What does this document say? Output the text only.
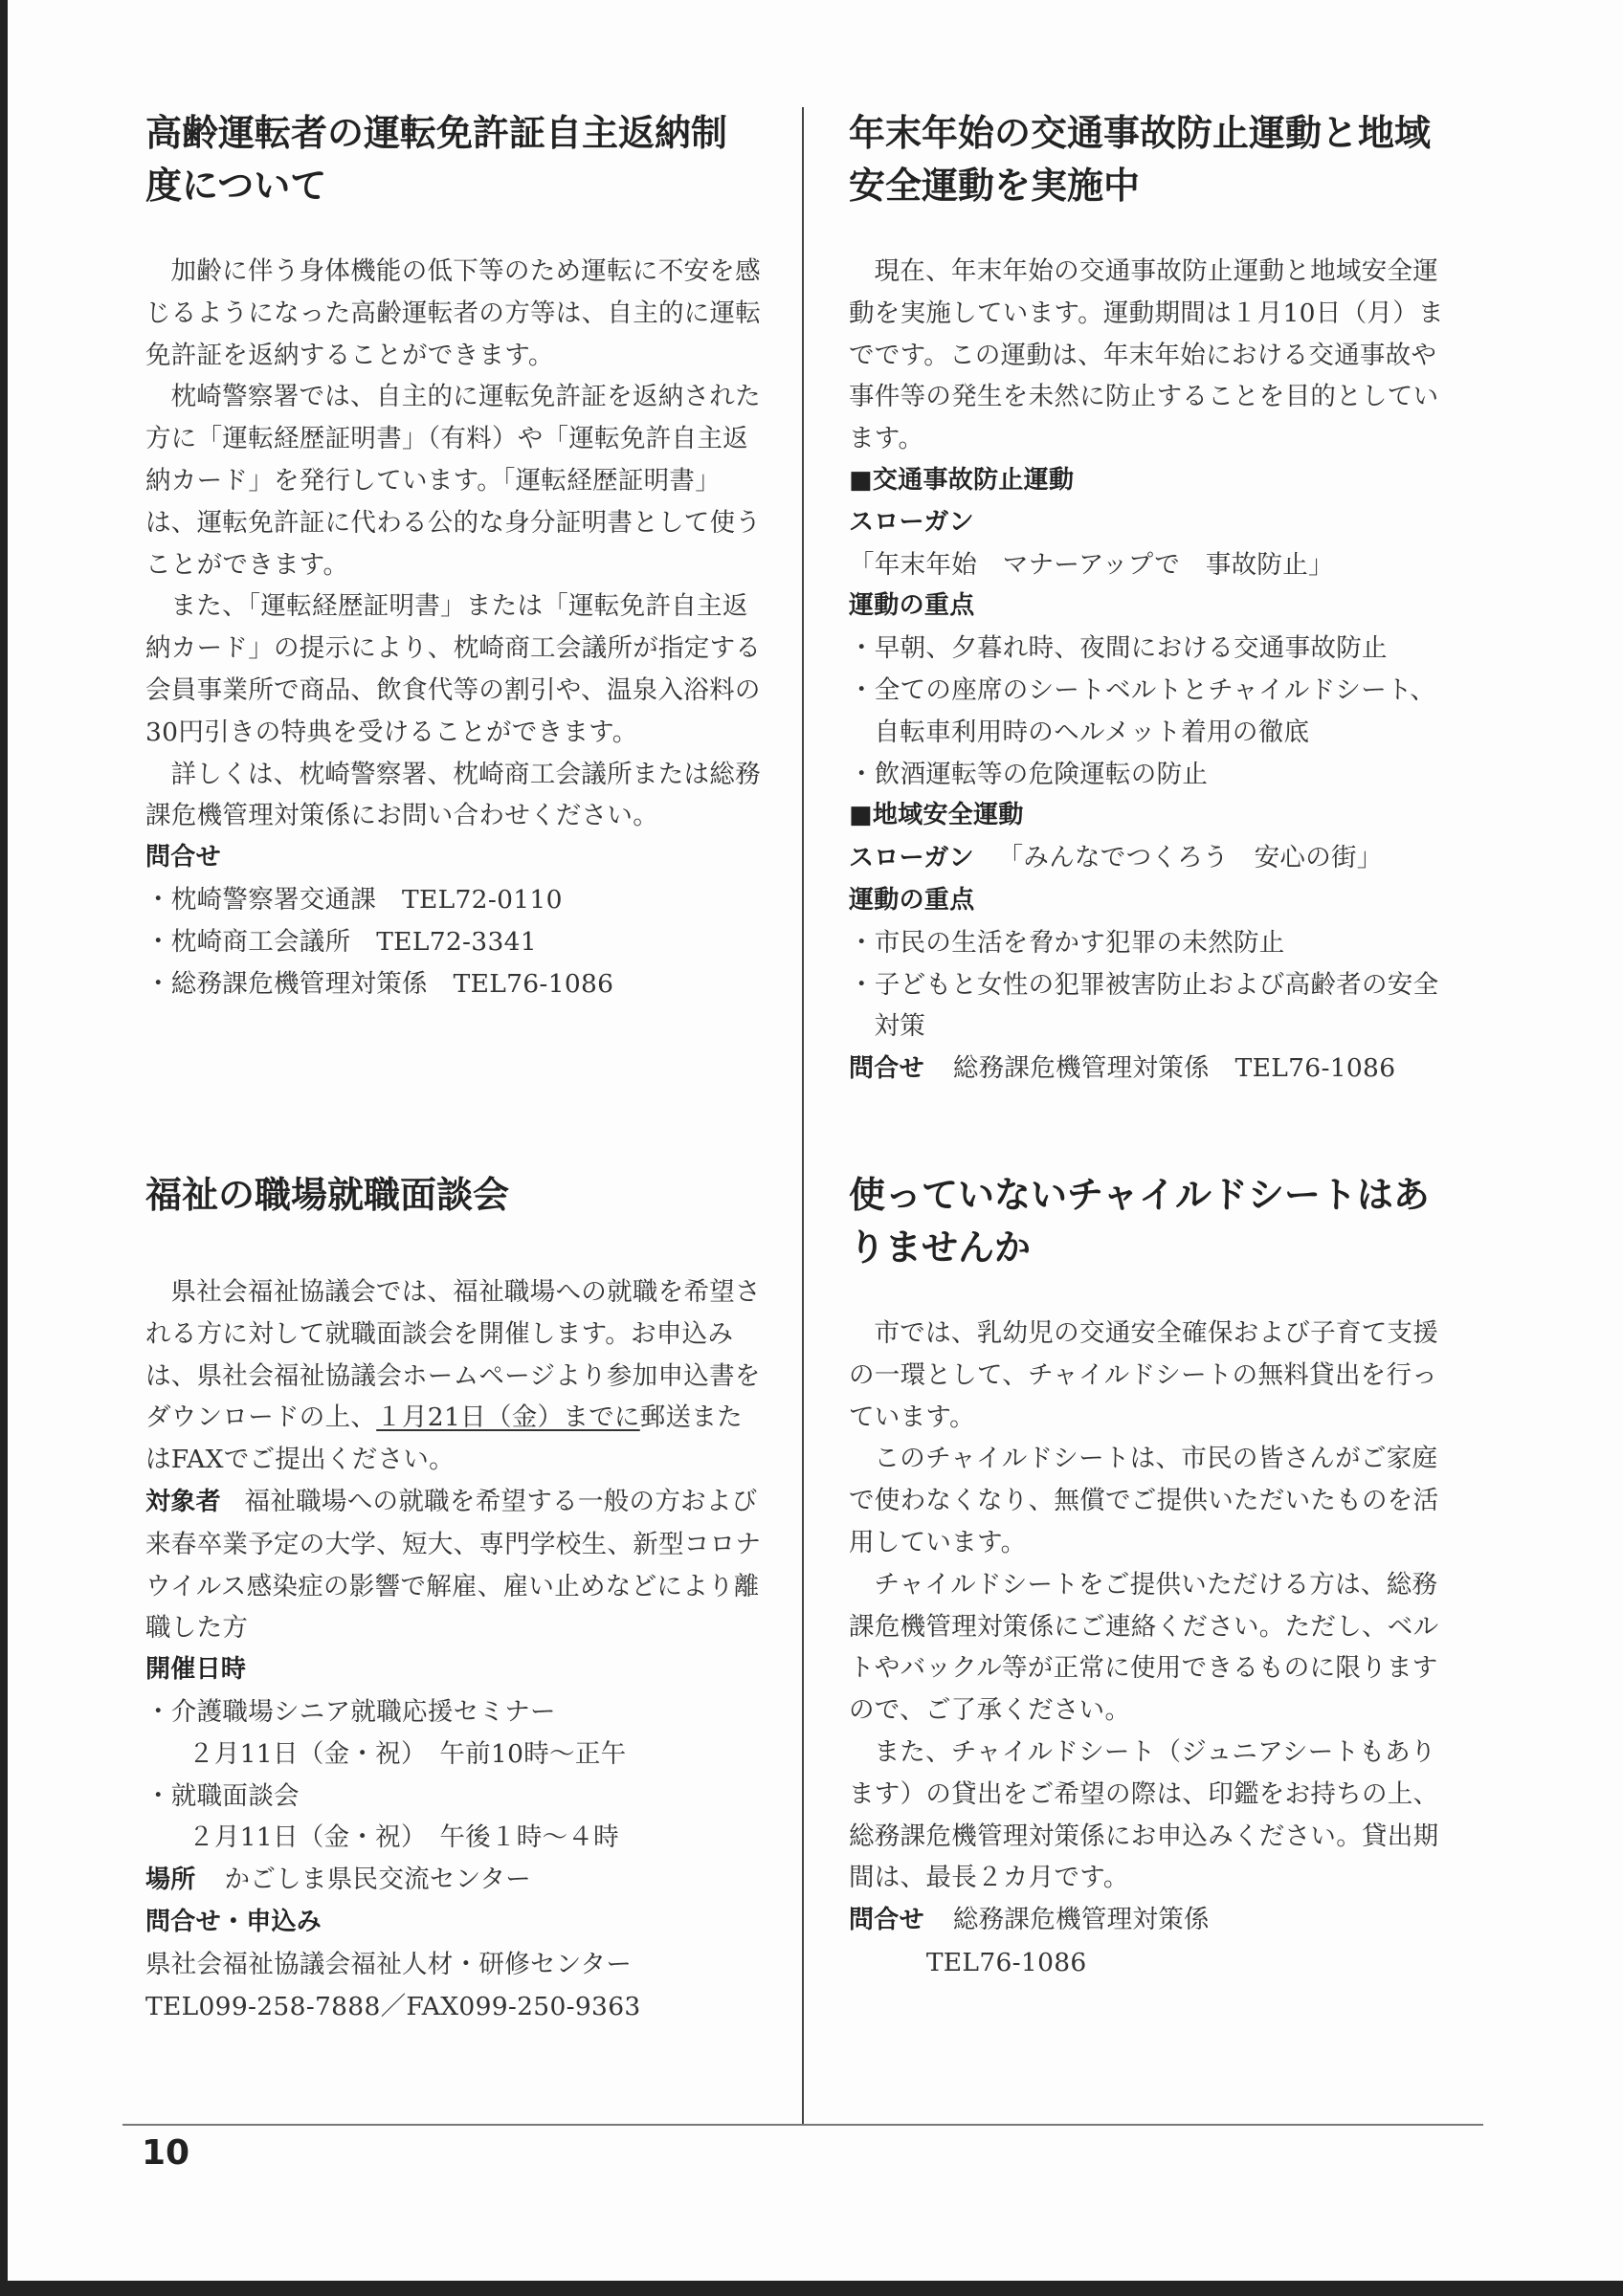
高齢運転者の運転免許証自主返納制
度について

加齢に伴う身体機能の低下等のため運転に不安を感じるようになった高齢運転者の方等は、自主的に運転免許証を返納することができます。

枕崎警察署では、自主的に運転免許証を返納された方に「運転経歴証明書」（有料）や「運転免許自主返納カード」を発行しています。「運転経歴証明書」は、運転免許証に代わる公的な身分証明書として使うことができます。

また、「運転経歴証明書」または「運転免許自主返納カード」の提示により、枕崎商工会議所が指定する会員事業所で商品、飲食代等の割引や、温泉入浴料の30円引きの特典を受けることができます。

詳しくは、枕崎警察署、枕崎商工会議所または総務課危機管理対策係にお問い合わせください。

問合せ

・枕崎警察署交通課　TEL72-0110

・枕崎商工会議所　TEL72-3341

・総務課危機管理対策係　TEL76-1086

年末年始の交通事故防止運動と地域
安全運動を実施中

現在、年末年始の交通事故防止運動と地域安全運動を実施しています。運動期間は１月10日（月）までです。この運動は、年末年始における交通事故や事件等の発生を未然に防止することを目的としています。

■交通事故防止運動

スローガン

「年末年始　マナーアップで　事故防止」

運動の重点

・早朝、夕暮れ時、夜間における交通事故防止

・全ての座席のシートベルトとチャイルドシート、自転車利用時のヘルメット着用の徹底

・飲酒運転等の危険運転の防止

■地域安全運動

スローガン 「みんなでつくろう　安心の街」

運動の重点

・市民の生活を脅かす犯罪の未然防止

・子どもと女性の犯罪被害防止および高齢者の安全対策

問合せ 総務課危機管理対策係　TEL76-1086

福祉の職場就職面談会

県社会福祉協議会では、福祉職場への就職を希望される方に対して就職面談会を開催します。お申込みは、県社会福祉協議会ホームページより参加申込書をダウンロードの上、１月21日（金）までに郵送またはFAXでご提出ください。

対象者 福祉職場への就職を希望する一般の方および来春卒業予定の大学、短大、専門学校生、新型コロナウイルス感染症の影響で解雇、雇い止めなどにより離職した方

開催日時

・介護職場シニア就職応援セミナー

２月11日（金・祝）　午前10時～正午

・就職面談会

２月11日（金・祝）　午後１時～４時

場所 かごしま県民交流センター

問合せ・申込み

県社会福祉協議会福祉人材・研修センター

TEL099-258-7888／FAX099-250-9363

使っていないチャイルドシートはあ
りませんか

市では、乳幼児の交通安全確保および子育て支援の一環として、チャイルドシートの無料貸出を行っています。

このチャイルドシートは、市民の皆さんがご家庭で使わなくなり、無償でご提供いただいたものを活用しています。

チャイルドシートをご提供いただける方は、総務課危機管理対策係にご連絡ください。ただし、ベルトやバックル等が正常に使用できるものに限りますので、ご了承ください。

また、チャイルドシート（ジュニアシートもあります）の貸出をご希望の際は、印鑑をお持ちの上、総務課危機管理対策係にお申込みください。貸出期間は、最長２カ月です。

問合せ 総務課危機管理対策係

TEL76-1086

10
